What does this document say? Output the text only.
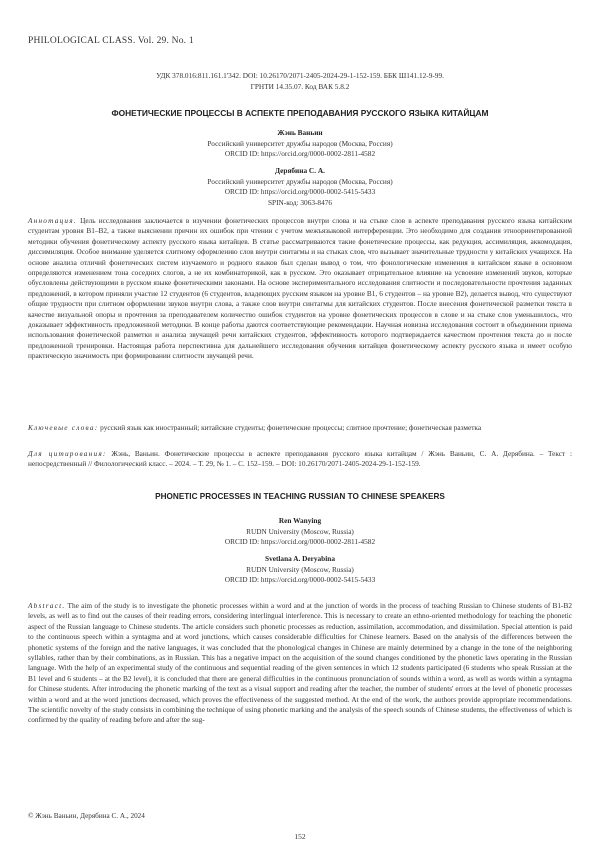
PHILOLOGICAL CLASS. Vol. 29. No. 1
УДК 378.016:811.161.1'342. DOI: 10.26170/2071-2405-2024-29-1-152-159. ББК Ш141.12-9-99.
ГРНТИ 14.35.07. Код ВАК 5.8.2
ФОНЕТИЧЕСКИЕ ПРОЦЕССЫ В АСПЕКТЕ ПРЕПОДАВАНИЯ РУССКОГО ЯЗЫКА КИТАЙЦАМ
Жэнь Ваньин
Российский университет дружбы народов (Москва, Россия)
ORCID ID: https://orcid.org/0000-0002-2811-4582
Дерябина С. А.
Российский университет дружбы народов (Москва, Россия)
ORCID ID: https://orcid.org/0000-0002-5415-5433
SPIN-код: 3063-8476
Аннотация. Цель исследования заключается в изучении фонетических процессов внутри слова и на стыке слов в аспекте преподавания русского языка китайским студентам уровня B1–B2, а также выяснении причин их ошибок при чтении с учетом межъязыковой интерференции. Это необходимо для создания этноориентированной методики обучения фонетическому аспекту русского языка китайцев. В статье рассматриваются такие фонетические процессы, как редукция, ассимиляция, аккомодация, диссимиляция. Особое внимание уделяется слитному оформлению слов внутри синтагмы и на стыках слов, что вызывает значительные трудности у китайских учащихся. На основе анализа отличий фонетических систем изучаемого и родного языков был сделан вывод о том, что фонологические изменения в китайском языке в основном определяются изменением тона соседних слогов, а не их комбинаторикой, как в русском. Это оказывает отрицательное влияние на усвоение изменений звуков, которые обусловлены действующими в русском языке фонетическими законами. На основе экспериментального исследования слитности и последовательности прочтения заданных предложений, в котором приняли участие 12 студентов (6 студентов, владеющих русским языком на уровне B1, 6 студентов – на уровне B2), делается вывод, что существуют общие трудности при слитном оформлении звуков внутри слова, а также слов внутри синтагмы для китайских студентов. После внесения фонетической разметки текста в качестве визуальной опоры и прочтения за преподавателем количество ошибок студентов на уровне фонетических процессов в слове и на стыке слов уменьшилось, что доказывает эффективность предложенной методики. В конце работы даются соответствующие рекомендации. Научная новизна исследования состоит в объединении приема использования фонетической разметки и анализа звучащей речи китайских студентов, эффективность которого подтверждается качеством прочтения текста до и после предложенной тренировки. Настоящая работа перспективна для дальнейшего исследования обучения китайцев фонетическому аспекту русского языка и имеет особую практическую значимость при формировании слитности звучащей речи.
Ключевые слова: русский язык как иностранный; китайские студенты; фонетические процессы; слитное прочтение; фонетическая разметка
Для цитирования: Жэнь, Ваньин. Фонетические процессы в аспекте преподавания русского языка китайцам / Жэнь Ваньин, С. А. Дерябина. – Текст : непосредственный // Филологический класс. – 2024. – Т. 29, № 1. – С. 152–159. – DOI: 10.26170/2071-2405-2024-29-1-152-159.
PHONETIC PROCESSES IN TEACHING RUSSIAN TO CHINESE SPEAKERS
Ren Wanying
RUDN University (Moscow, Russia)
ORCID ID: https://orcid.org/0000-0002-2811-4582
Svetlana A. Deryabina
RUDN University (Moscow, Russia)
ORCID ID: https://orcid.org/0000-0002-5415-5433
Abstract. The aim of the study is to investigate the phonetic processes within a word and at the junction of words in the process of teaching Russian to Chinese students of B1-B2 levels, as well as to find out the causes of their reading errors, considering interlingual interference. This is necessary to create an ethno-oriented methodology for teaching the phonetic aspect of the Russian language to Chinese students. The article considers such phonetic processes as reduction, assimilation, accommodation, and dissimilation. Special attention is paid to the continuous speech within a syntagma and at word junctions, which causes considerable difficulties for Chinese learners. Based on the analysis of the differences between the phonetic systems of the foreign and the native languages, it was concluded that the phonological changes in Chinese are mainly determined by a change in the tone of the neighboring syllables, rather than by their combinations, as in Russian. This has a negative impact on the acquisition of the sound changes conditioned by the phonetic laws operating in the Russian language. With the help of an experimental study of the continuous and sequential reading of the given sentences in which 12 students participated (6 students who speak Russian at the B1 level and 6 students – at the B2 level), it is concluded that there are general difficulties in the continuous pronunciation of sounds within a word, as well as words within a syntagma for Chinese students. After introducing the phonetic marking of the text as a visual support and reading after the teacher, the number of students' errors at the level of phonetic processes within a word and at the word junctions decreased, which proves the effectiveness of the suggested method. At the end of the work, the authors provide appropriate recommendations. The scientific novelty of the study consists in combining the technique of using phonetic marking and the analysis of the speech sounds of Chinese students, the effectiveness of which is confirmed by the quality of reading before and after the sug-
© Жэнь Ваньин, Дерябина С. А., 2024
152
